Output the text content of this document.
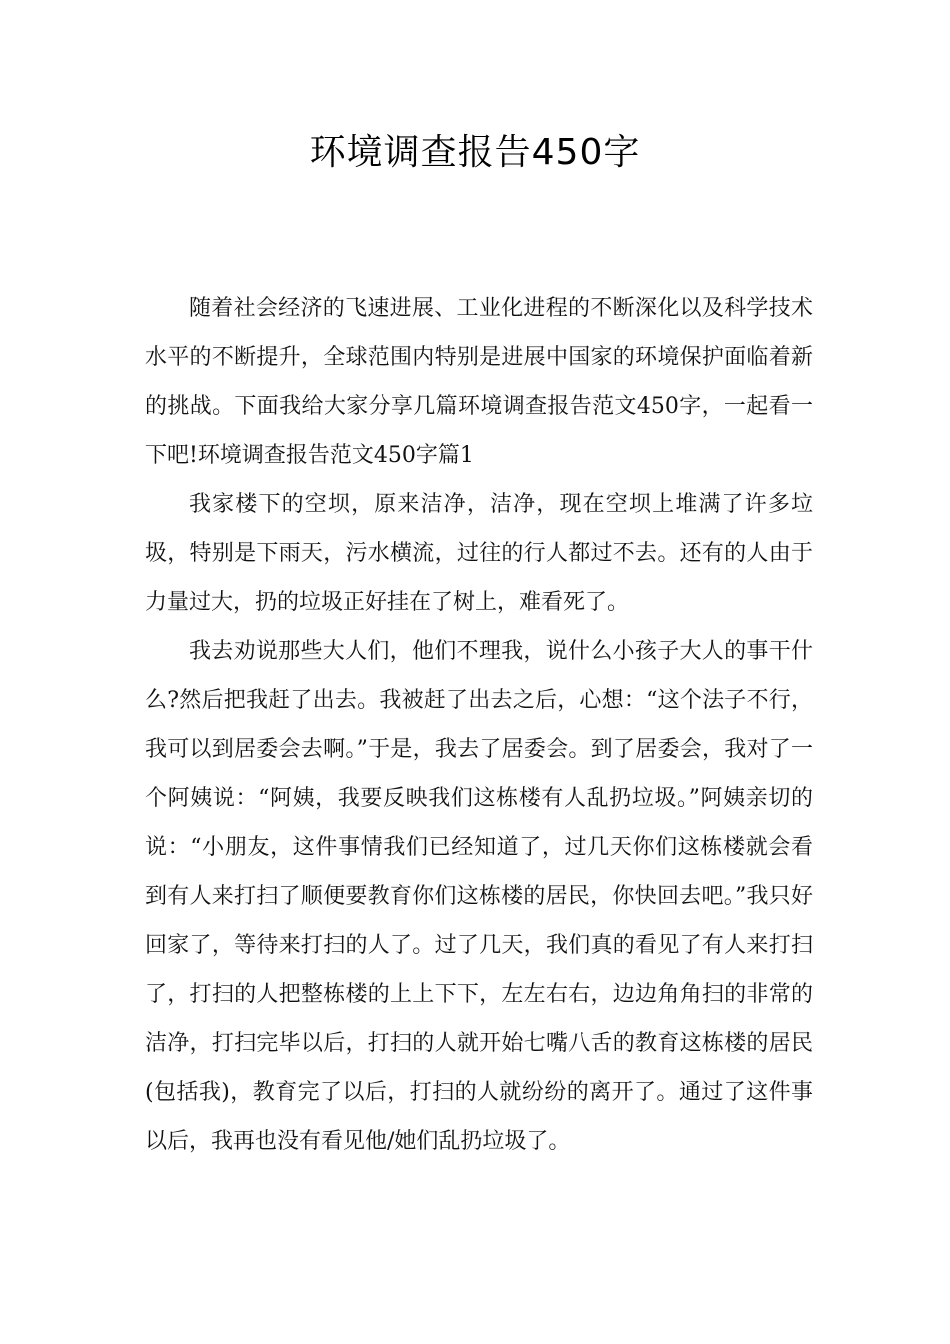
环境调查报告450字

随着社会经济的飞速进展、工业化进程的不断深化以及科学技术水平的不断提升，全球范围内特别是进展中国家的环境保护面临着新的挑战。下面我给大家分享几篇环境调查报告范文450字，一起看一下吧!环境调查报告范文450字篇1

我家楼下的空坝，原来洁净，洁净，现在空坝上堆满了许多垃圾，特别是下雨天，污水横流，过往的行人都过不去。还有的人由于力量过大，扔的垃圾正好挂在了树上，难看死了。

我去劝说那些大人们，他们不理我，说什么小孩子大人的事干什么?然后把我赶了出去。我被赶了出去之后，心想：“这个法子不行，我可以到居委会去啊。”于是，我去了居委会。到了居委会，我对了一个阿姨说：“阿姨，我要反映我们这栋楼有人乱扔垃圾。”阿姨亲切的说：“小朋友，这件事情我们已经知道了，过几天你们这栋楼就会看到有人来打扫了顺便要教育你们这栋楼的居民，你快回去吧。”我只好回家了，等待来打扫的人了。过了几天，我们真的看见了有人来打扫了，打扫的人把整栋楼的上上下下，左左右右，边边角角扫的非常的洁净，打扫完毕以后，打扫的人就开始七嘴八舌的教育这栋楼的居民(包括我)，教育完了以后，打扫的人就纷纷的离开了。通过了这件事以后，我再也没有看见他/她们乱扔垃圾了。
